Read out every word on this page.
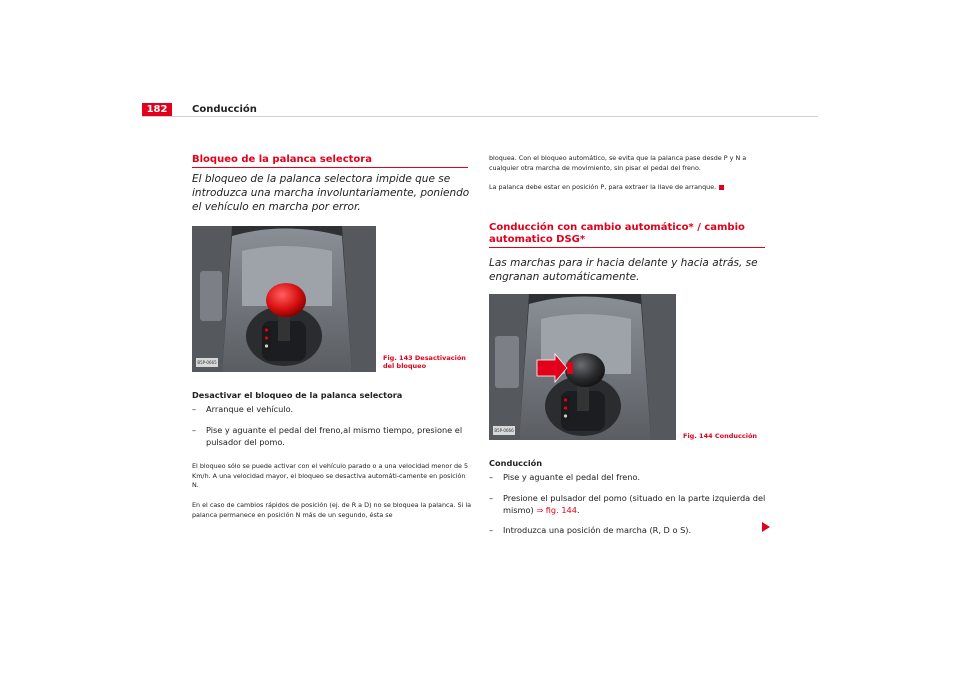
182	Conducción
Bloqueo de la palanca selectora
El bloqueo de la palanca selectora impide que se introduzca una marcha involuntariamente, poniendo el vehículo en marcha por error.
B5P-0665
Fig. 143 Desactivación del bloqueo
Desactivar el bloqueo de la palanca selectora
– Arranque el vehículo.
–	Pise y aguante el pedal del freno,al mismo tiempo, presione el pulsador del pomo.
El bloqueo sólo se puede activar con el vehículo parado o a una velocidad menor de 5 Km/h. A una velocidad mayor, el bloqueo se desactiva automáti-camente en posición N.
En el caso de cambios rápidos de posición (ej. de R a D) no se bloquea la palanca. Si la palanca permanece en posición N más de un segundo, ésta se
bloquea. Con el bloqueo automático, se evita que la palanca pase desde P y N a cualquier otra marcha de movimiento, sin pisar el pedal del freno.
La palanca debe estar en posición P, para extraer la llave de arranque.
Conducción con cambio automático* / cambio automatico DSG*
Las marchas para ir hacia delante y hacia atrás, se engranan automáticamente.
B5P-0666
Fig. 144 Conducción
Conducción
– Pise y aguante el pedal del freno.
–	Presione el pulsador del pomo (situado en la parte izquierda del mismo) ⇒ fig. 144.
– Introduzca una posición de marcha (R, D o S).
